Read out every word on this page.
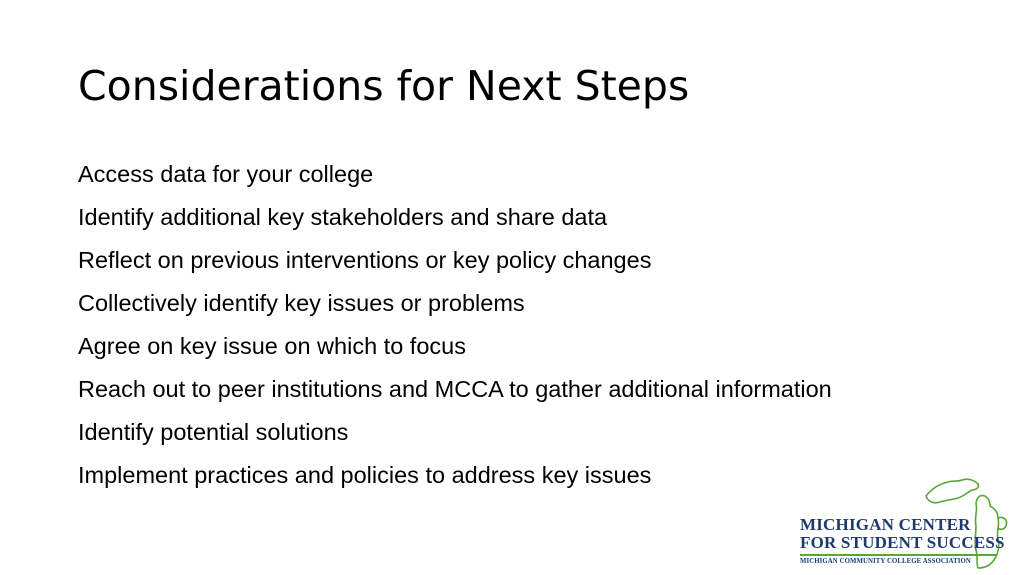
Considerations for Next Steps
Access data for your college
Identify additional key stakeholders and share data
Reflect on previous interventions or key policy changes
Collectively identify key issues or problems
Agree on key issue on which to focus
Reach out to peer institutions and MCCA to gather additional information
Identify potential solutions
Implement practices and policies to address key issues
MICHIGAN CENTER
FOR STUDENT SUCCESS
MICHIGAN COMMUNITY COLLEGE ASSOCIATION
